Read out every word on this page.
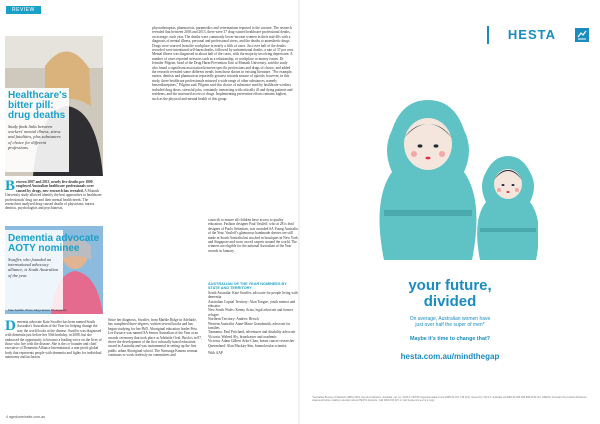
REVIEW
Healthcare's
bitter pill:
drug deaths
Study finds links between workers' mental illness, stress and fatalities, plus substances of choice for different professions.
Dr Jennifer Pilgrim
B etween 2007 and 2013, nearly five deaths per 1000 employed Australian healthcare professionals were caused by drugs, new research has revealed. A Monash University study allowed identify the best approaches to healthcare professionals' drug use and their mental health needs. The researchers analysed drug-caused deaths of physicians, nurses, dentists, psychologists and psychiatrists,
physiotherapists, pharmacists, paramedics and veterinarians reported to the coroner. The research revealed that between 2003 and 2013, there were 37 drug-caused healthcare professional deaths, on average, each year. The deaths were commonly lower-income women in their mid-40s with a diagnosis of mental illness, personal and professional stress, and the deaths to anaesthetic drugs. Drugs were sourced from the workplace in nearly a fifth of cases. Just over half of the deaths recorded were intentional self-harm deaths, followed by unintentional deaths, a rate of 37 per cent. Mental illness was diagnosed in about half of the cases, with the majority involving depression. A number of cases reported stressors such as a relationship, or workplace or money issues. Dr Jennifer Pilgrim, head of the Drug Harm Prevention Unit at Monash University, said the study also found a significant association between specific professions and drugs of choice, and added the research revealed some different trends from those shown in existing literature. "For example, nurses, dentists and pharmacists reportedly greatest towards misuse of opioids; however, in this study, these healthcare professionals misused a wide range of other substances, namely benzodiazepines," Pilgrim said. Pilgrim said this choice of substance used by healthcare workers included drug doses, stressful jobs, constantly interacting with critically ill and dying patients and residents, and the increased access to drugs. Implementing prevention efforts remains highest, such as the physical and mental health of this group.
Dementia advocate
AOTY nominee
Swaffer, who founded an international advocacy alliance, is South Australian of the year.
Kate Swaffer. Photo: Meg Hansen Photography
D ementia advocate Kate Swaffer has been named South Australia's Australian of the Year for helping change the way the world looks at the disease. Swaffer was diagnosed with dementia just before her 50th birthday, in 2008, but she embraced the opportunity to become a leading voice on the lives of those who live with the disease. She is the co-founder and chief executive of Dementia Alliance International, a non-profit global body that represents people with dementia and fights for individual autonomy and inclusion.
Since her diagnosis, Swaffer, from Marble Ridge in Adelaide, has completed three degrees, written several books and has begun studying for her PhD. Aboriginal education leader Peta Lee Eustace was named SA Senior Australian of the Year at an awards ceremony that took place at Adelaide Oval. Bush is in 87, drove the development of the first culturally based education award in Australia and was instrumental in setting up the first public urban Aboriginal school. The Narrunga Kaurna woman continues to work tirelessly on committees and
councils to ensure all children have access to quality education. Fashion designer Paul Vasileff, who at 28 is lead designer of Paolo Sebastian, was awarded SA Young Australia of the Year. Vasileff's glamorous handmade dresses are still made in South Australia but stocked in boutiques in New York and Singapore and worn on red carpets around the world. The winners are eligible for the national Australian of the Year awards in January.
AUSTRALIAN OF THE YEAR NOMINEES BY STATE AND TERRITORY
South Australia: Kate Swaffer, advocate for people living with dementia
Australian Capital Territory: Alan Tongue, youth mentor and educator
New South Wales: Kenny Ariza, legal advocate and former refugee
Northern Territory: Andrew Hersch
Western Australia: Anne-Marie Grandsmith, advocate for families
Tasmania: Paul Pritchard, adventurer and disability advocate
Victoria: Waleed Aly, broadcaster and academic
Victoria: Adam Gilbert Arko-Chan, breast cancer researcher
Queensland: Alan Mackay-Sim, biomolecular scientist
With AAP
4 agedcareinsite.com.au
HESTA
your future,
divided
On average, Australian women have
just over half the super of men*
Maybe it's time to change that?
hesta.com.au/mindthegap
*Australian Bureau of Statistics (ABS) 2015, Gender Indicators, Australia, cat. no. 4125.0. HESTA Superannuation Fund (ABN 64 971 749 321). Issued by H.E.S.T. Australia Ltd ABN 66 006 818 695 AFSL No. 235249. Consider the product disclosure statement before making a decision about HESTA products. Call 1800 813 327 or visit hesta.com.au for a copy.
